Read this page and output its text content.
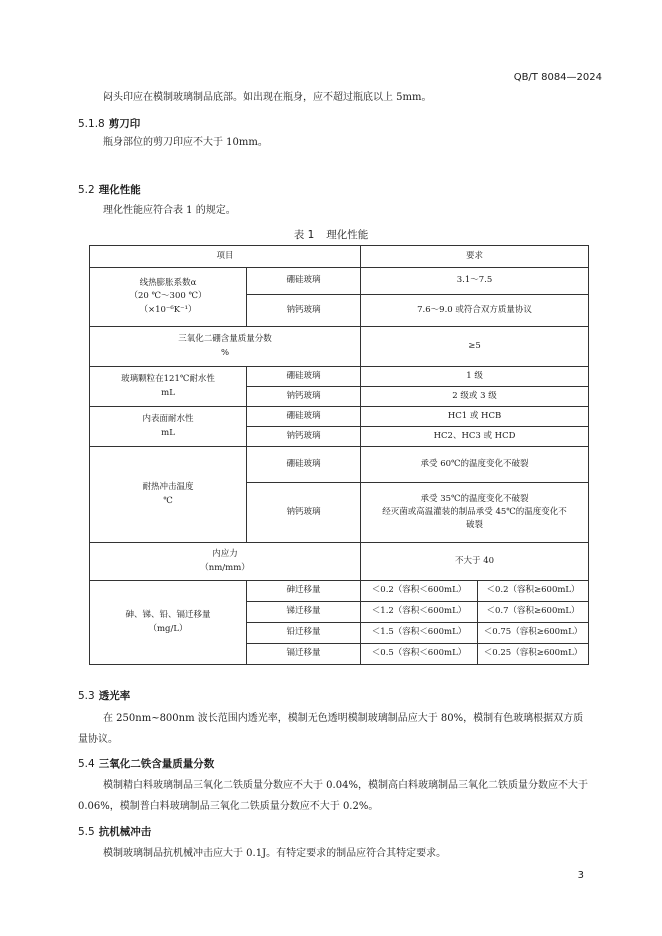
QB/T 8084—2024
闷头印应在模制玻璃制品底部。如出现在瓶身，应不超过瓶底以上 5mm。
5.1.8 剪刀印
瓶身部位的剪刀印应不大于 10mm。
5.2 理化性能
理化性能应符合表 1 的规定。
表 1 理化性能
项目		要求	

线热膨胀系数α
（20 ℃～300 ℃）
（×10⁻⁶K⁻¹）	硼硅玻璃	3.1～7.5	
	钠钙玻璃	7.6～9.0 或符合双方质量协议	

三氧化二硼含量质量分数
%		≥5	

玻璃颗粒在121℃耐水性
mL	硼硅玻璃	1 级	
	钠钙玻璃	2 级或 3 级	

内表面耐水性
mL	硼硅玻璃	HC1 或 HCB	
	钠钙玻璃	HC2、HC3 或 HCD	

耐热冲击温度
℃	硼硅玻璃	承受 60℃的温度变化不破裂	
	钠钙玻璃	承受 35℃的温度变化不破裂
经灭菌或高温灌装的制品承受 45℃的温度变化不
破裂	

内应力
（nm/mm）		不大于 40	

砷、锑、铅、镉迁移量
（mg/L）	砷迁移量	＜0.2（容积＜600mL）	＜0.2（容积≥600mL）
	锑迁移量	＜1.2（容积＜600mL）	＜0.7（容积≥600mL）
	铅迁移量	＜1.5（容积＜600mL）	＜0.75（容积≥600mL）
	镉迁移量	＜0.5（容积＜600mL）	＜0.25（容积≥600mL）
5.3 透光率
在 250nm~800nm 波长范围内透光率，模制无色透明模制玻璃制品应大于 80%，模制有色玻璃根据双方质量协议。
5.4 三氧化二铁含量质量分数
模制精白料玻璃制品三氧化二铁质量分数应不大于 0.04%，模制高白料玻璃制品三氧化二铁质量分数应不大于 0.06%，模制普白料玻璃制品三氧化二铁质量分数应不大于 0.2%。
5.5 抗机械冲击
模制玻璃制品抗机械冲击应大于 0.1J。有特定要求的制品应符合其特定要求。
3
